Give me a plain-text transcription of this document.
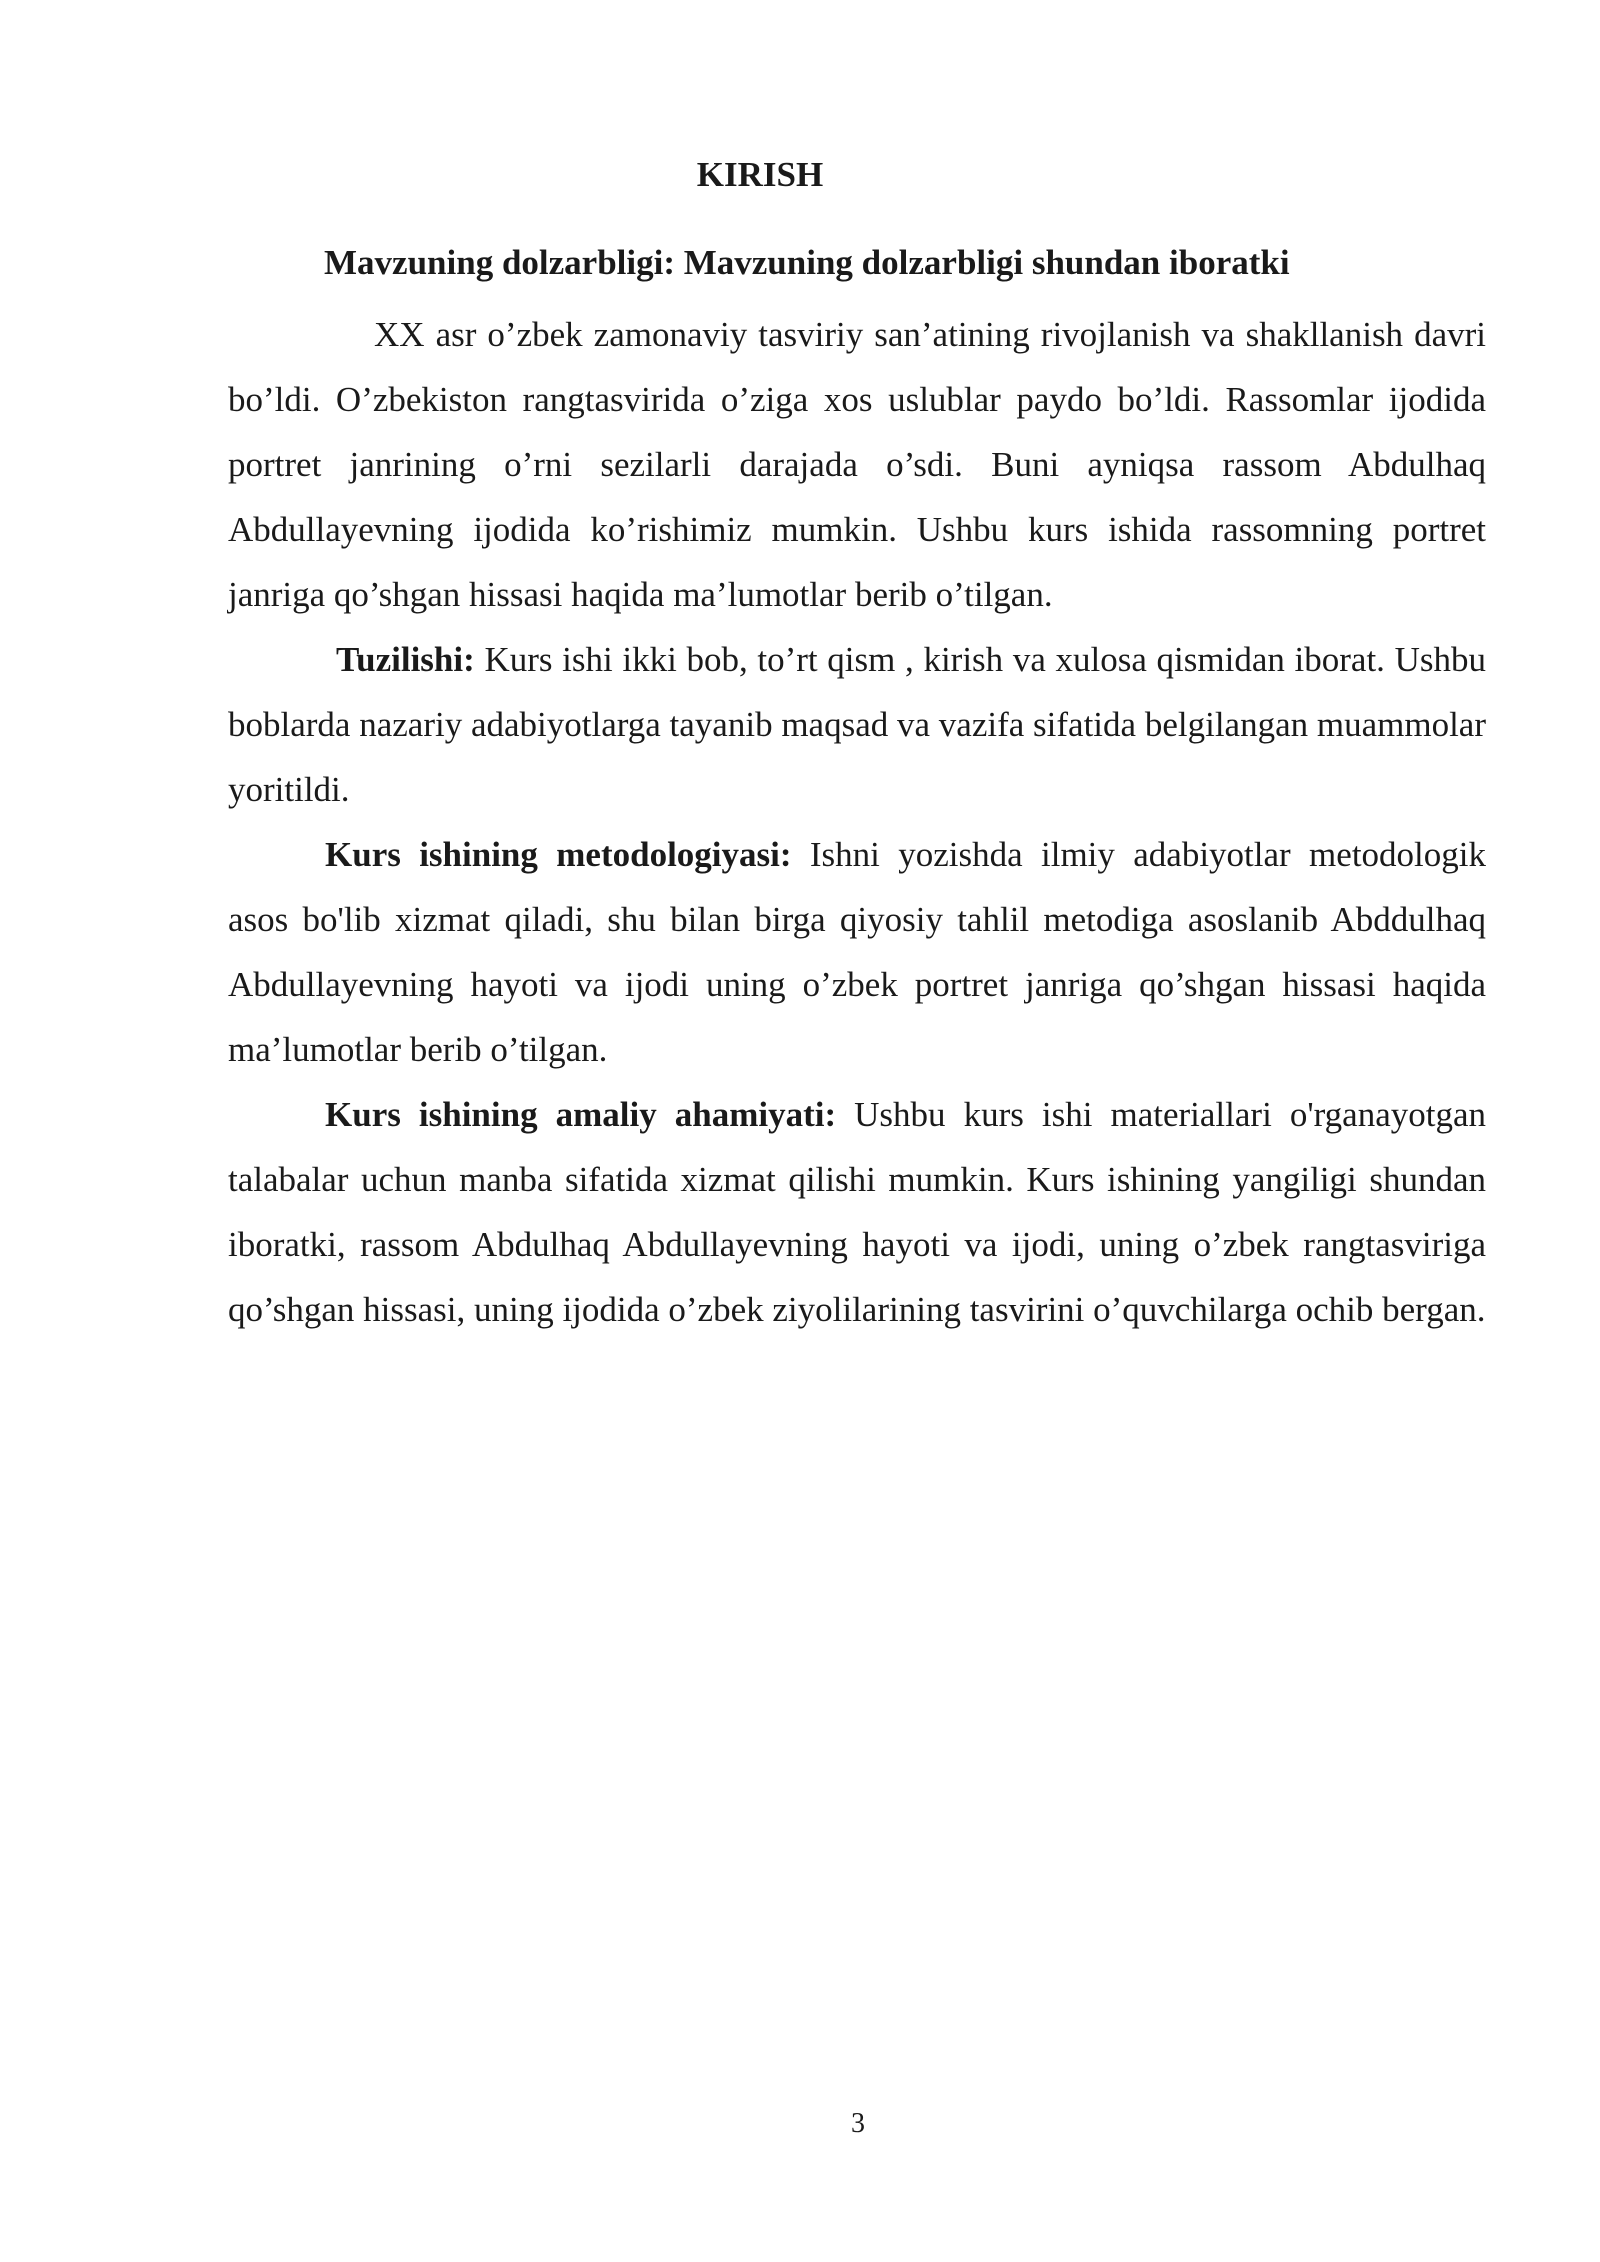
KIRISH
Mavzuning dolzarbligi: Mavzuning dolzarbligi shundan iboratki

XX asr o’zbek zamonaviy tasviriy san’atining rivojlanish va shakllanish davri bo’ldi. O’zbekiston rangtasvirida o’ziga xos uslublar paydo bo’ldi. Rassomlar ijodida portret janrining o’rni sezilarli darajada o’sdi. Buni ayniqsa rassom Abdulhaq Abdullayevning ijodida ko’rishimiz mumkin. Ushbu kurs ishida rassomning portret janriga qo’shgan hissasi haqida ma’lumotlar berib o’tilgan.

Tuzilishi: Kurs ishi ikki bob, to’rt qism , kirish va xulosa qismidan iborat. Ushbu boblarda nazariy adabiyotlarga tayanib maqsad va vazifa sifatida belgilangan muammolar yoritildi.

Kurs ishining metodologiyasi: Ishni yozishda ilmiy adabiyotlar metodologik asos bo'lib xizmat qiladi, shu bilan birga qiyosiy tahlil metodiga asoslanib Abddulhaq Abdullayevning hayoti va ijodi uning o’zbek portret janriga qo’shgan hissasi haqida ma’lumotlar berib o’tilgan.

Kurs ishining amaliy ahamiyati: Ushbu kurs ishi materiallari o'rganayotgan talabalar uchun manba sifatida xizmat qilishi mumkin. Kurs ishining yangiligi shundan iboratki, rassom Abdulhaq Abdullayevning hayoti va ijodi, uning o’zbek rangtasviriga qo’shgan hissasi, uning ijodida o’zbek ziyolilarining tasvirini o’quvchilarga ochib bergan.

3
